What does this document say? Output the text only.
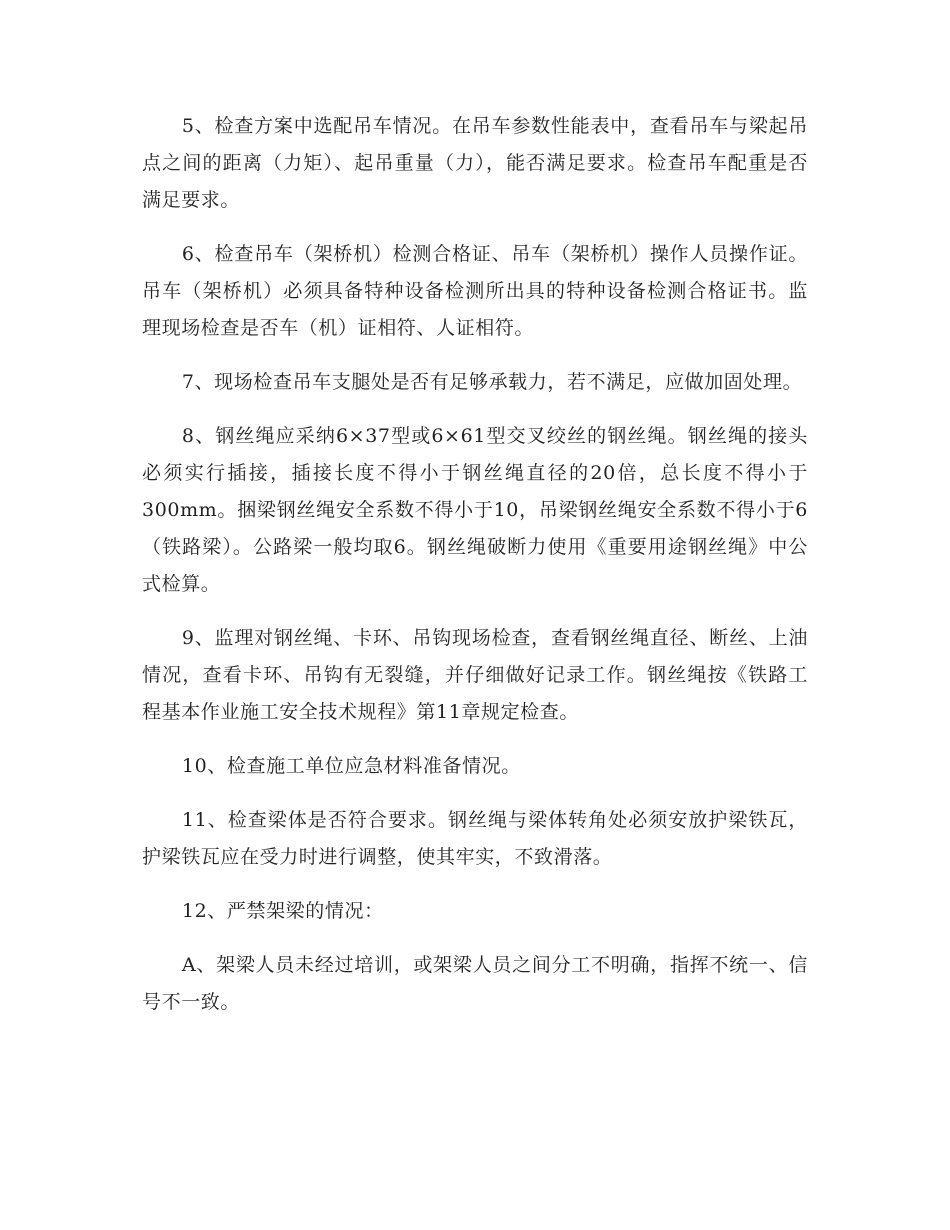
5、检查方案中选配吊车情况。在吊车参数性能表中，查看吊车与梁起吊点之间的距离（力矩）、起吊重量（力），能否满足要求。检查吊车配重是否满足要求。

6、检查吊车（架桥机）检测合格证、吊车（架桥机）操作人员操作证。吊车（架桥机）必须具备特种设备检测所出具的特种设备检测合格证书。监理现场检查是否车（机）证相符、人证相符。

7、现场检查吊车支腿处是否有足够承载力，若不满足，应做加固处理。

8、钢丝绳应采纳6×37型或6×61型交叉绞丝的钢丝绳。钢丝绳的接头必须实行插接，插接长度不得小于钢丝绳直径的20倍，总长度不得小于300mm。捆梁钢丝绳安全系数不得小于10，吊梁钢丝绳安全系数不得小于6（铁路梁）。公路梁一般均取6。钢丝绳破断力使用《重要用途钢丝绳》中公式检算。

9、监理对钢丝绳、卡环、吊钩现场检查，查看钢丝绳直径、断丝、上油情况，查看卡环、吊钩有无裂缝，并仔细做好记录工作。钢丝绳按《铁路工程基本作业施工安全技术规程》第11章规定检查。

10、检查施工单位应急材料准备情况。

11、检查梁体是否符合要求。钢丝绳与梁体转角处必须安放护梁铁瓦，护梁铁瓦应在受力时进行调整，使其牢实，不致滑落。

12、严禁架梁的情况：

A、架梁人员未经过培训，或架梁人员之间分工不明确，指挥不统一、信号不一致。
